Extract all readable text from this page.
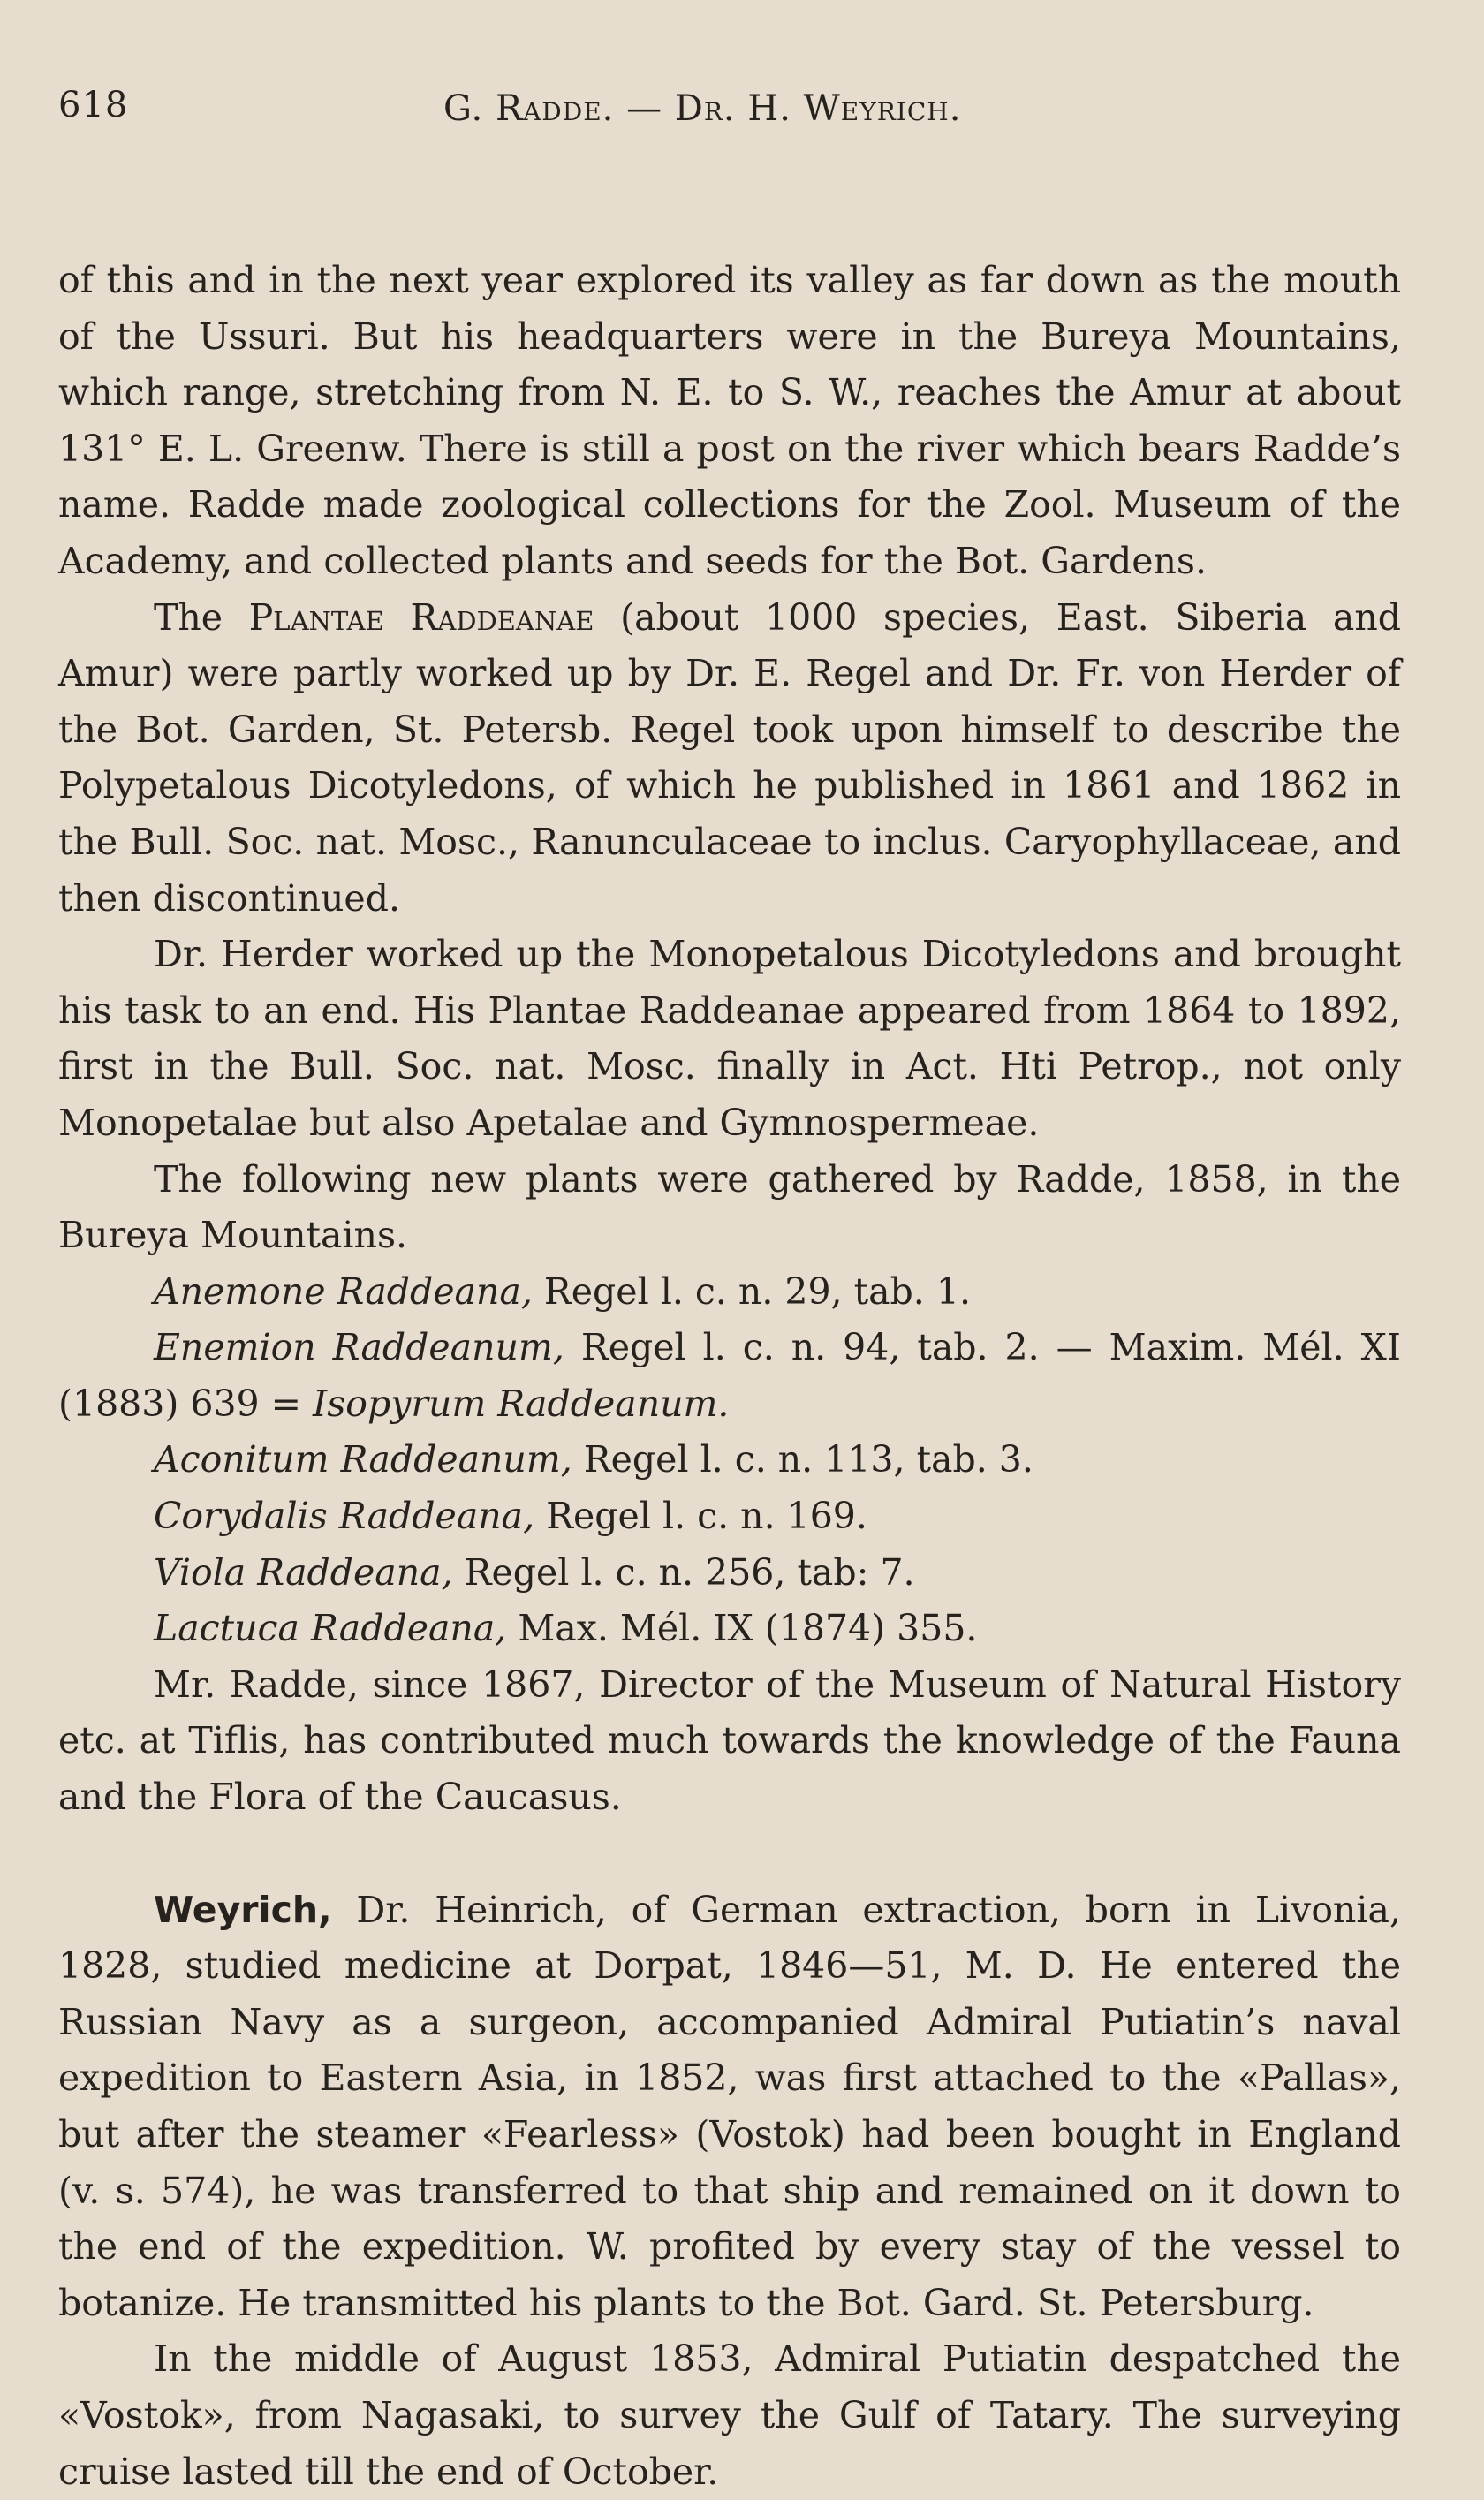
618	G. Radde. — Dr. H. Weyrich.

of this and in the next year explored its valley as far down as the mouth of the Ussuri. But his headquarters were in the Bureya Mountains, which range, stretching from N. E. to S. W., reaches the Amur at about 131° E. L. Greenw. There is still a post on the river which bears Radde’s name. Radde made zoological collections for the Zool. Museum of the Academy, and collected plants and seeds for the Bot. Gardens.

The Plantae Raddeanae (about 1000 species, East. Siberia and Amur) were partly worked up by Dr. E. Regel and Dr. Fr. von Herder of the Bot. Garden, St. Petersb. Regel took upon himself to describe the Polypetalous Dicotyledons, of which he published in 1861 and 1862 in the Bull. Soc. nat. Mosc., Ranunculaceae to inclus. Caryophyllaceae, and then discontinued.

Dr. Herder worked up the Monopetalous Dicotyledons and brought his task to an end. His Plantae Raddeanae appeared from 1864 to 1892, first in the Bull. Soc. nat. Mosc. finally in Act. Hti Petrop., not only Monopetalae but also Apetalae and Gymnospermeae.

The following new plants were gathered by Radde, 1858, in the Bureya Mountains.

Anemone Raddeana, Regel l. c. n. 29, tab. 1.

Enemion Raddeanum, Regel l. c. n. 94, tab. 2. — Maxim. Mél. XI (1883) 639 = Isopyrum Raddeanum.

Aconitum Raddeanum, Regel l. c. n. 113, tab. 3.

Corydalis Raddeana, Regel l. c. n. 169.

Viola Raddeana, Regel l. c. n. 256, tab: 7.

Lactuca Raddeana, Max. Mél. IX (1874) 355.

Mr. Radde, since 1867, Director of the Museum of Natural History etc. at Tiflis, has contributed much towards the knowledge of the Fauna and the Flora of the Caucasus.

Weyrich, Dr. Heinrich, of German extraction, born in Livonia, 1828, studied medicine at Dorpat, 1846—51, M. D. He entered the Russian Navy as a surgeon, accompanied Admiral Putiatin’s naval expedition to Eastern Asia, in 1852, was first attached to the «Pallas», but after the steamer «Fearless» (Vostok) had been bought in England (v. s. 574), he was transferred to that ship and remained on it down to the end of the expedition. W. profited by every stay of the vessel to botanize. He transmitted his plants to the Bot. Gard. St. Petersburg.

In the middle of August 1853, Admiral Putiatin despatched the «Vostok», from Nagasaki, to survey the Gulf of Tatary. The surveying cruise lasted till the end of October.
